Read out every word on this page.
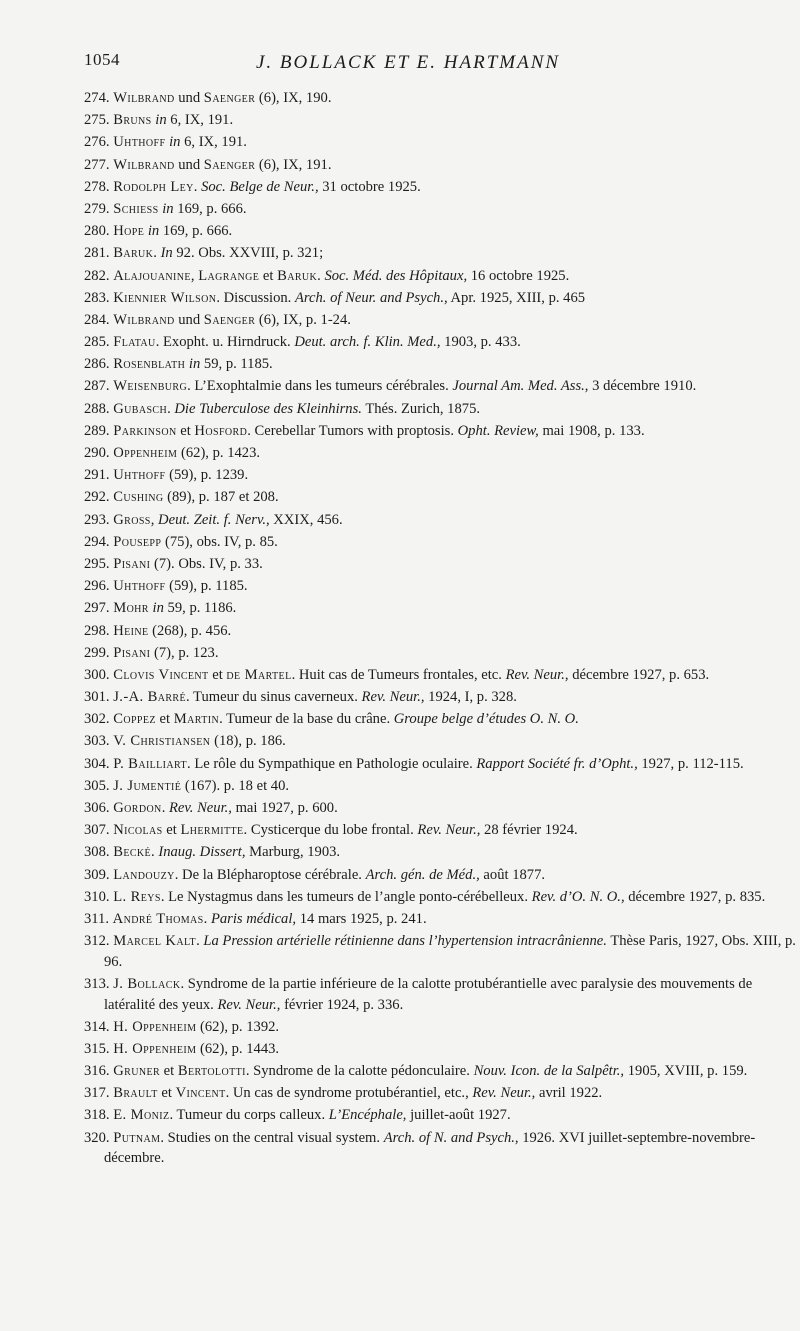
1054	J. BOLLACK ET E. HARTMANN
274. Wilbrand und Saenger (6), IX, 190.
275. Bruns in 6, IX, 191.
276. Uhthoff in 6, IX, 191.
277. Wilbrand und Saenger (6), IX, 191.
278. Rodolph Ley. Soc. Belge de Neur., 31 octobre 1925.
279. Schiess in 169, p. 666.
280. Hope in 169, p. 666.
281. Baruk. In 92. Obs. XXVIII, p. 321;
282. Alajouanine, Lagrange et Baruk. Soc. Méd. des Hôpitaux, 16 octobre 1925.
283. Kiennier Wilson. Discussion. Arch. of Neur. and Psych., Apr. 1925, XIII, p. 465
284. Wilbrand und Saenger (6), IX, p. 1-24.
285. Flatau. Exopht. u. Hirndruck. Deut. arch. f. Klin. Med., 1903, p. 433.
286. Rosenblath in 59, p. 1185.
287. Weisenburg. L’Exophtalmie dans les tumeurs cérébrales. Journal Am. Med. Ass., 3 décembre 1910.
288. Gubasch. Die Tuberculose des Kleinhirns. Thés. Zurich, 1875.
289. Parkinson et Hosford. Cerebellar Tumors with proptosis. Opht. Review, mai 1908, p. 133.
290. Oppenheim (62), p. 1423.
291. Uhthoff (59), p. 1239.
292. Cushing (89), p. 187 et 208.
293. Gross, Deut. Zeit. f. Nerv., XXIX, 456.
294. Pousepp (75), obs. IV, p. 85.
295. Pisani (7). Obs. IV, p. 33.
296. Uhthoff (59), p. 1185.
297. Mohr in 59, p. 1186.
298. Heine (268), p. 456.
299. Pisani (7), p. 123.
300. Clovis Vincent et de Martel. Huit cas de Tumeurs frontales, etc. Rev. Neur., décembre 1927, p. 653.
301. J.-A. Barré. Tumeur du sinus caverneux. Rev. Neur., 1924, I, p. 328.
302. Coppez et Martin. Tumeur de la base du crâne. Groupe belge d’études O. N. O.
303. V. Christiansen (18), p. 186.
304. P. Bailliart. Le rôle du Sympathique en Pathologie oculaire. Rapport Société fr. d’Opht., 1927, p. 112-115.
305. J. Jumentié (167). p. 18 et 40.
306. Gordon. Rev. Neur., mai 1927, p. 600.
307. Nicolas et Lhermitte. Cysticerque du lobe frontal. Rev. Neur., 28 février 1924.
308. Becké. Inaug. Dissert, Marburg, 1903.
309. Landouzy. De la Blépharoptose cérébrale. Arch. gén. de Méd., août 1877.
310. L. Reys. Le Nystagmus dans les tumeurs de l’angle ponto-cérébelleux. Rev. d’O. N. O., décembre 1927, p. 835.
311. André Thomas. Paris médical, 14 mars 1925, p. 241.
312. Marcel Kalt. La Pression artérielle rétinienne dans l’hypertension intracrânienne. Thèse Paris, 1927, Obs. XIII, p. 96.
313. J. Bollack. Syndrome de la partie inférieure de la calotte protubérantielle avec paralysie des mouvements de latéralité des yeux. Rev. Neur., février 1924, p. 336.
314. H. Oppenheim (62), p. 1392.
315. H. Oppenheim (62), p. 1443.
316. Gruner et Bertolotti. Syndrome de la calotte pédonculaire. Nouv. Icon. de la Salpêtr., 1905, XVIII, p. 159.
317. Brault et Vincent. Un cas de syndrome protubérantiel, etc., Rev. Neur., avril 1922.
318. E. Moniz. Tumeur du corps calleux. L’Encéphale, juillet-août 1927.
320. Putnam. Studies on the central visual system. Arch. of N. and Psych., 1926. XVI juillet-septembre-novembre-décembre.
